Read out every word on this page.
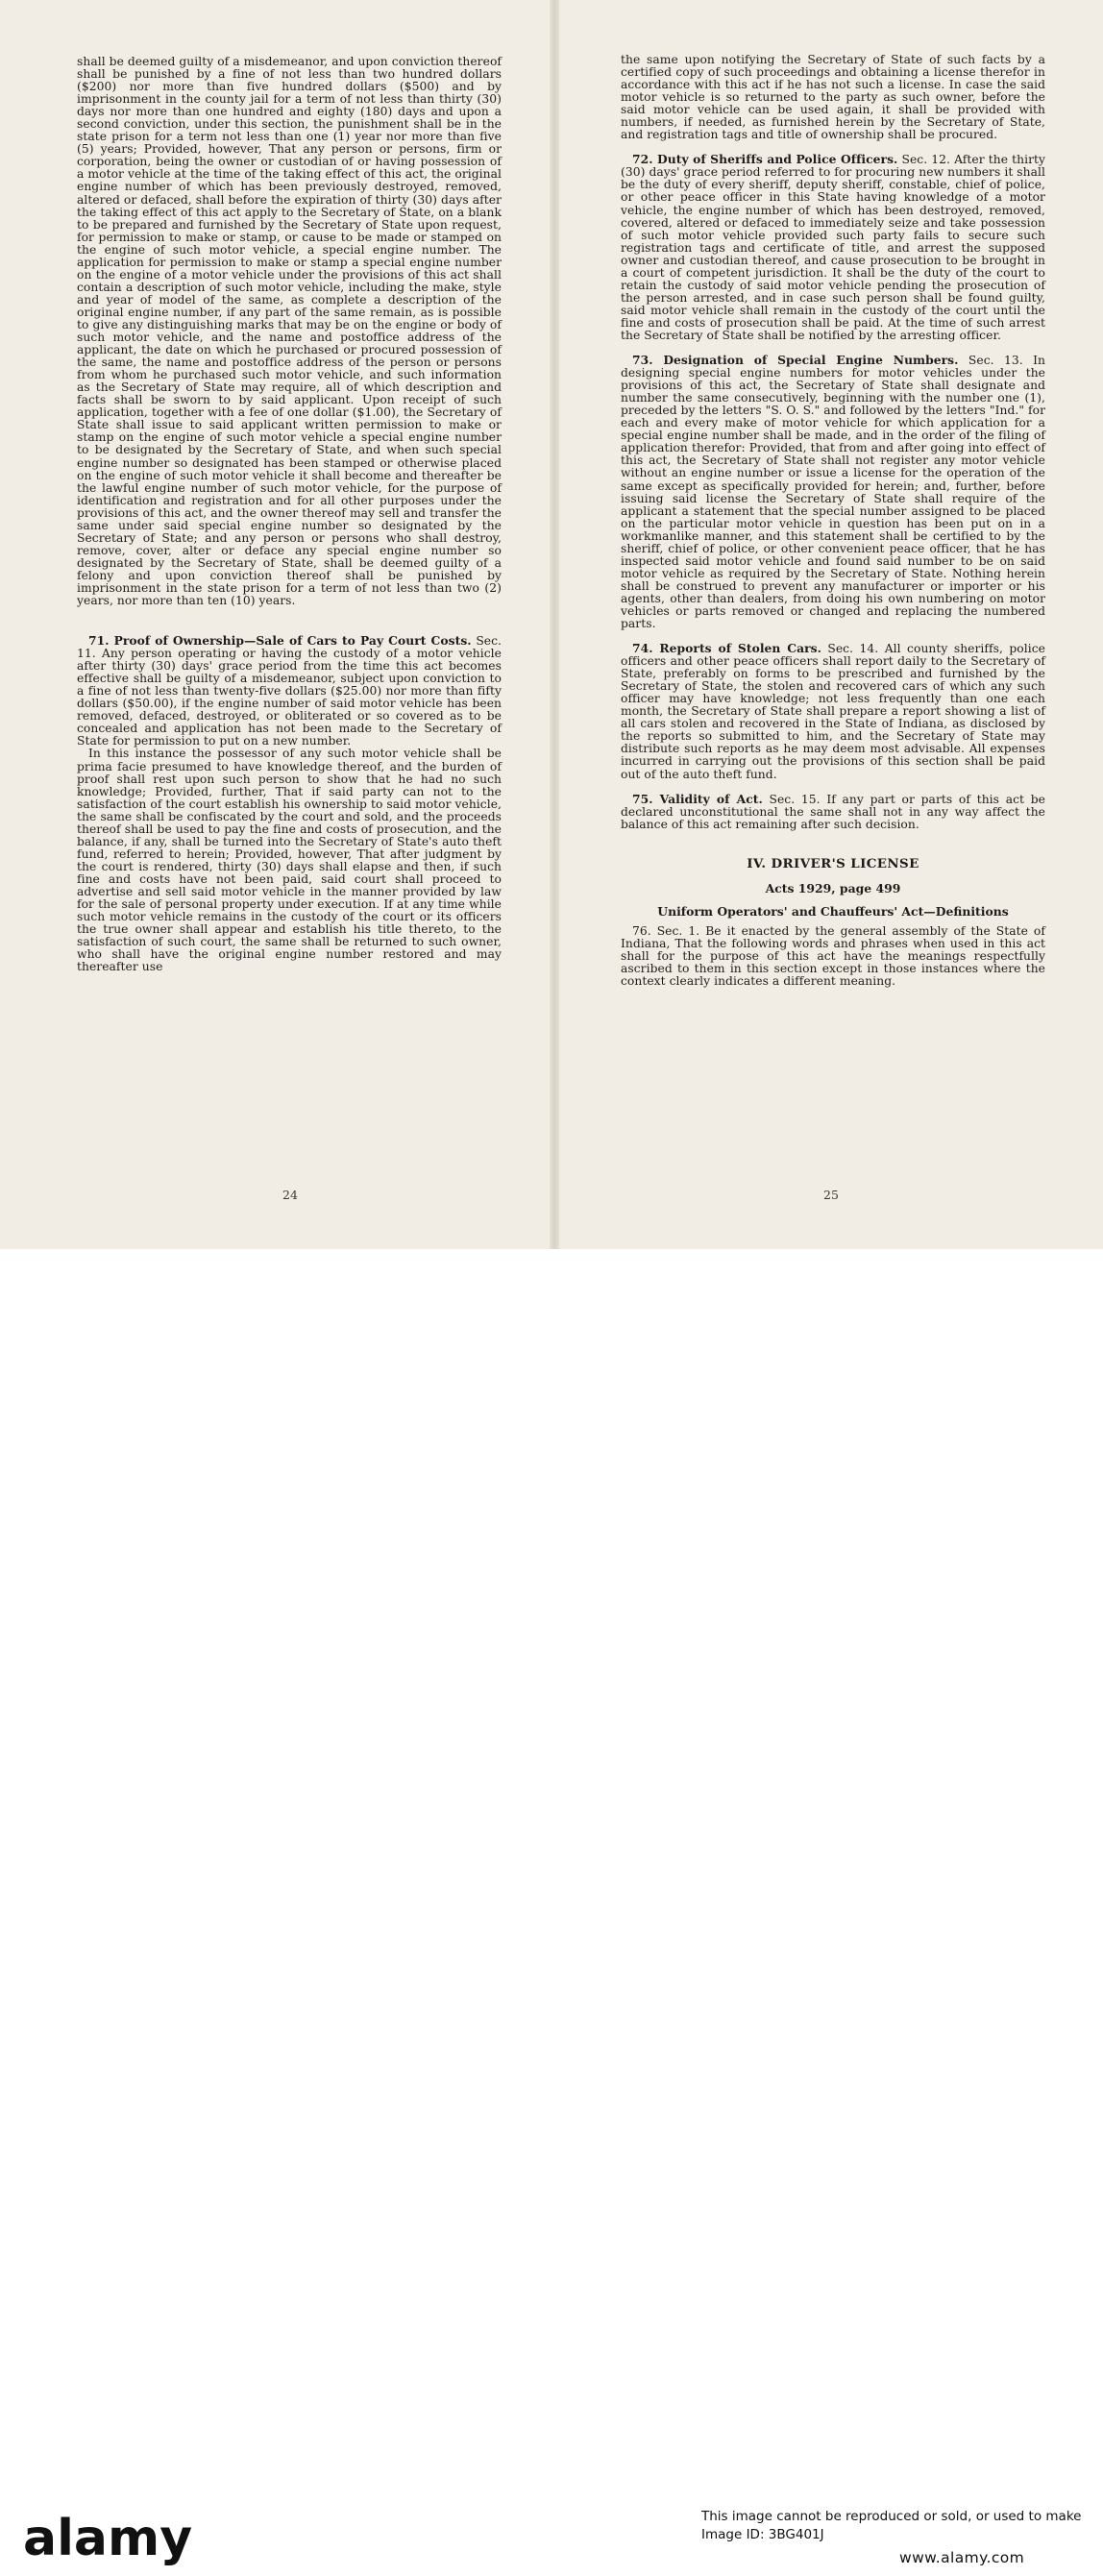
shall be deemed guilty of a misdemeanor, and upon conviction thereof shall be punished by a fine of not less than two hundred dollars ($200) nor more than five hundred dollars ($500) and by imprisonment in the county jail for a term of not less than thirty (30) days nor more than one hundred and eighty (180) days and upon a second conviction, under this section, the punishment shall be in the state prison for a term not less than one (1) year nor more than five (5) years; Provided, however, That any person or persons, firm or corporation, being the owner or custodian of or having possession of a motor vehicle at the time of the taking effect of this act, the original engine number of which has been previously destroyed, removed, altered or defaced, shall before the expiration of thirty (30) days after the taking effect of this act apply to the Secretary of State, on a blank to be prepared and furnished by the Secretary of State upon request, for permission to make or stamp, or cause to be made or stamped on the engine of such motor vehicle, a special engine number. The application for permission to make or stamp a special engine number on the engine of a motor vehicle under the provisions of this act shall contain a description of such motor vehicle, including the make, style and year of model of the same, as complete a description of the original engine number, if any part of the same remain, as is possible to give any distinguishing marks that may be on the engine or body of such motor vehicle, and the name and postoffice address of the applicant, the date on which he purchased or procured possession of the same, the name and postoffice address of the person or persons from whom he purchased such motor vehicle, and such information as the Secretary of State may require, all of which description and facts shall be sworn to by said applicant. Upon receipt of such application, together with a fee of one dollar ($1.00), the Secretary of State shall issue to said applicant written permission to make or stamp on the engine of such motor vehicle a special engine number to be designated by the Secretary of State, and when such special engine number so designated has been stamped or otherwise placed on the engine of such motor vehicle it shall become and thereafter be the lawful engine number of such motor vehicle, for the purpose of identification and registration and for all other purposes under the provisions of this act, and the owner thereof may sell and transfer the same under said special engine number so designated by the Secretary of State; and any person or persons who shall destroy, remove, cover, alter or deface any special engine number so designated by the Secretary of State, shall be deemed guilty of a felony and upon conviction thereof shall be punished by imprisonment in the state prison for a term of not less than two (2) years, nor more than ten (10) years.

71. Proof of Ownership—Sale of Cars to Pay Court Costs. Sec. 11. Any person operating or having the custody of a motor vehicle after thirty (30) days' grace period from the time this act becomes effective shall be guilty of a misdemeanor, subject upon conviction to a fine of not less than twenty-five dollars ($25.00) nor more than fifty dollars ($50.00), if the engine number of said motor vehicle has been removed, defaced, destroyed, or obliterated or so covered as to be concealed and application has not been made to the Secretary of State for permission to put on a new number.

In this instance the possessor of any such motor vehicle shall be prima facie presumed to have knowledge thereof, and the burden of proof shall rest upon such person to show that he had no such knowledge; Provided, further, That if said party can not to the satisfaction of the court establish his ownership to said motor vehicle, the same shall be confiscated by the court and sold, and the proceeds thereof shall be used to pay the fine and costs of prosecution, and the balance, if any, shall be turned into the Secretary of State's auto theft fund, referred to herein; Provided, however, That after judgment by the court is rendered, thirty (30) days shall elapse and then, if such fine and costs have not been paid, said court shall proceed to advertise and sell said motor vehicle in the manner provided by law for the sale of personal property under execution. If at any time while such motor vehicle remains in the custody of the court or its officers the true owner shall appear and establish his title thereto, to the satisfaction of such court, the same shall be returned to such owner, who shall have the original engine number restored and may thereafter use

24

the same upon notifying the Secretary of State of such facts by a certified copy of such proceedings and obtaining a license therefor in accordance with this act if he has not such a license. In case the said motor vehicle is so returned to the party as such owner, before the said motor vehicle can be used again, it shall be provided with numbers, if needed, as furnished herein by the Secretary of State, and registration tags and title of ownership shall be procured.

72. Duty of Sheriffs and Police Officers. Sec. 12. After the thirty (30) days' grace period referred to for procuring new numbers it shall be the duty of every sheriff, deputy sheriff, constable, chief of police, or other peace officer in this State having knowledge of a motor vehicle, the engine number of which has been destroyed, removed, covered, altered or defaced to immediately seize and take possession of such motor vehicle provided such party fails to secure such registration tags and certificate of title, and arrest the supposed owner and custodian thereof, and cause prosecution to be brought in a court of competent jurisdiction. It shall be the duty of the court to retain the custody of said motor vehicle pending the prosecution of the person arrested, and in case such person shall be found guilty, said motor vehicle shall remain in the custody of the court until the fine and costs of prosecution shall be paid. At the time of such arrest the Secretary of State shall be notified by the arresting officer.

73. Designation of Special Engine Numbers. Sec. 13. In designing special engine numbers for motor vehicles under the provisions of this act, the Secretary of State shall designate and number the same consecutively, beginning with the number one (1), preceded by the letters "S. O. S." and followed by the letters "Ind." for each and every make of motor vehicle for which application for a special engine number shall be made, and in the order of the filing of application therefor: Provided, that from and after going into effect of this act, the Secretary of State shall not register any motor vehicle without an engine number or issue a license for the operation of the same except as specifically provided for herein; and, further, before issuing said license the Secretary of State shall require of the applicant a statement that the special number assigned to be placed on the particular motor vehicle in question has been put on in a workmanlike manner, and this statement shall be certified to by the sheriff, chief of police, or other convenient peace officer, that he has inspected said motor vehicle and found said number to be on said motor vehicle as required by the Secretary of State. Nothing herein shall be construed to prevent any manufacturer or importer or his agents, other than dealers, from doing his own numbering on motor vehicles or parts removed or changed and replacing the numbered parts.

74. Reports of Stolen Cars. Sec. 14. All county sheriffs, police officers and other peace officers shall report daily to the Secretary of State, preferably on forms to be prescribed and furnished by the Secretary of State, the stolen and recovered cars of which any such officer may have knowledge; not less frequently than one each month, the Secretary of State shall prepare a report showing a list of all cars stolen and recovered in the State of Indiana, as disclosed by the reports so submitted to him, and the Secretary of State may distribute such reports as he may deem most advisable. All expenses incurred in carrying out the provisions of this section shall be paid out of the auto theft fund.

75. Validity of Act. Sec. 15. If any part or parts of this act be declared unconstitutional the same shall not in any way affect the balance of this act remaining after such decision.

IV. DRIVER'S LICENSE
Acts 1929, page 499
Uniform Operators' and Chauffeurs' Act—Definitions

76. Sec. 1. Be it enacted by the general assembly of the State of Indiana, That the following words and phrases when used in this act shall for the purpose of this act have the meanings respectfully ascribed to them in this section except in those instances where the context clearly indicates a different meaning.

25
alamy	This image cannot be reproduced or sold, or used to make
Image ID: 3BG401J
www.alamy.com
